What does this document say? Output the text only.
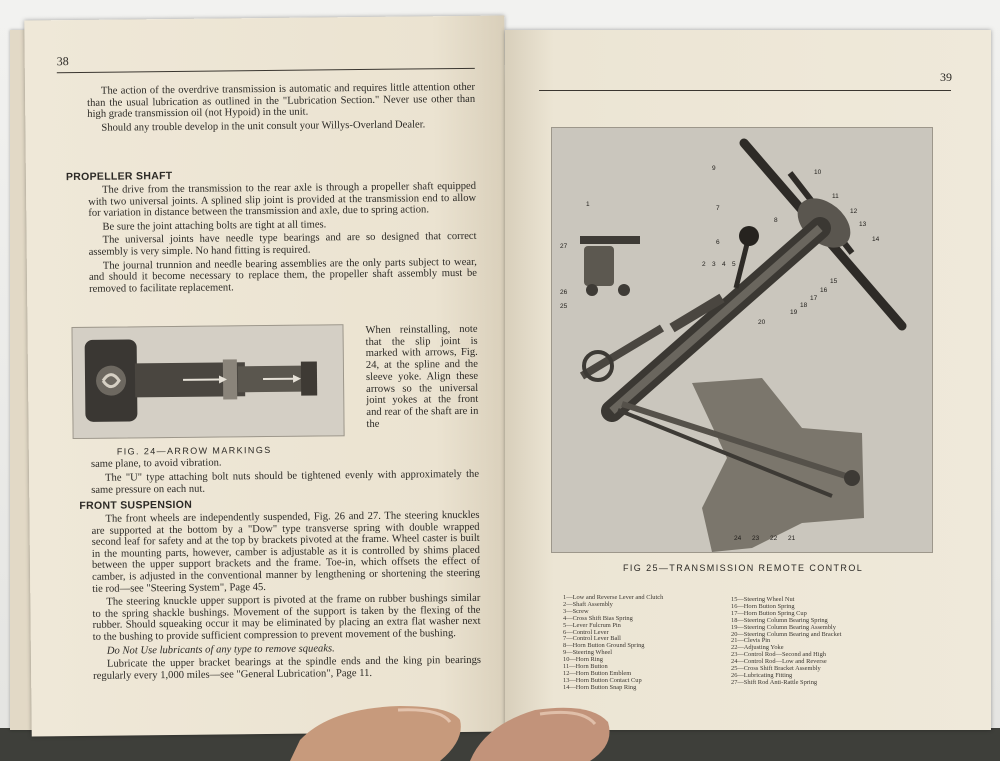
38

The action of the overdrive transmission is automatic and requires little attention other than the usual lubrication as outlined in the "Lubrication Section." Never use other than high grade transmission oil (not Hypoid) in the unit.

Should any trouble develop in the unit consult your Willys-Overland Dealer.

PROPELLER SHAFT

The drive from the transmission to the rear axle is through a propeller shaft equipped with two universal joints. A splined slip joint is provided at the transmission end to allow for variation in distance between the transmission and axle, due to spring action.

Be sure the joint attaching bolts are tight at all times.

The universal joints have needle type bearings and are so designed that correct assembly is very simple. No hand fitting is required.

The journal trunnion and needle bearing assemblies are the only parts subject to wear, and should it become necessary to replace them, the propeller shaft assembly must be removed to facilitate replacement.

When reinstalling, note that the slip joint is marked with arrows, Fig. 24, at the spline and the sleeve yoke. Align these arrows so the universal joint yokes at the front and rear of the shaft are in the
FIG. 24—ARROW MARKINGS
same plane, to avoid vibration.

The "U" type attaching bolt nuts should be tightened evenly with approximately the same pressure on each nut.

FRONT SUSPENSION

The front wheels are independently suspended, Fig. 26 and 27. The steering knuckles are supported at the bottom by a "Dow" type transverse spring with double wrapped second leaf for safety and at the top by brackets pivoted at the frame. Wheel caster is built in the mounting parts, however, camber is adjustable as it is controlled by shims placed between the upper support brackets and the frame. Toe-in, which offsets the effect of camber, is adjusted in the conventional manner by lengthening or shortening the steering tie rod—see "Steering System", Page 45.

The steering knuckle upper support is pivoted at the frame on rubber bushings similar to the spring shackle bushings. Movement of the support is taken by the flexing of the rubber. Should squeaking occur it may be eliminated by placing an extra flat washer next to the bushing to provide sufficient compression to prevent movement of the bushing.

Do Not Use lubricants of any type to remove squeaks.

Lubricate the upper bracket bearings at the spindle ends and the king pin bearings regularly every 1,000 miles—see "General Lubrication", Page 11.

39
1
2 3 4 5
6
7
8
9
10
11
12
13
14
15
16
17
18
19
20
21
22
23
24
25
26
27
FIG 25—TRANSMISSION REMOTE CONTROL
1—Low and Reverse Lever and Clutch
2—Shaft Assembly
3—Screw
4—Cross Shift Bias Spring
5—Lever Fulcrum Pin
6—Control Lever
7—Control Lever Ball
8—Horn Button Ground Spring
9—Steering Wheel
10—Horn Ring
11—Horn Button
12—Horn Button Emblem
13—Horn Button Contact Cup
14—Horn Button Snap Ring
15—Steering Wheel Nut
16—Horn Button Spring
17—Horn Button Spring Cup
18—Steering Column Bearing Spring
19—Steering Column Bearing Assembly
20—Steering Column Bearing and Bracket
21—Clevis Pin
22—Adjusting Yoke
23—Control Rod—Second and High
24—Control Rod—Low and Reverse
25—Cross Shift Bracket Assembly
26—Lubricating Fitting
27—Shift Rod Anti-Rattle Spring
